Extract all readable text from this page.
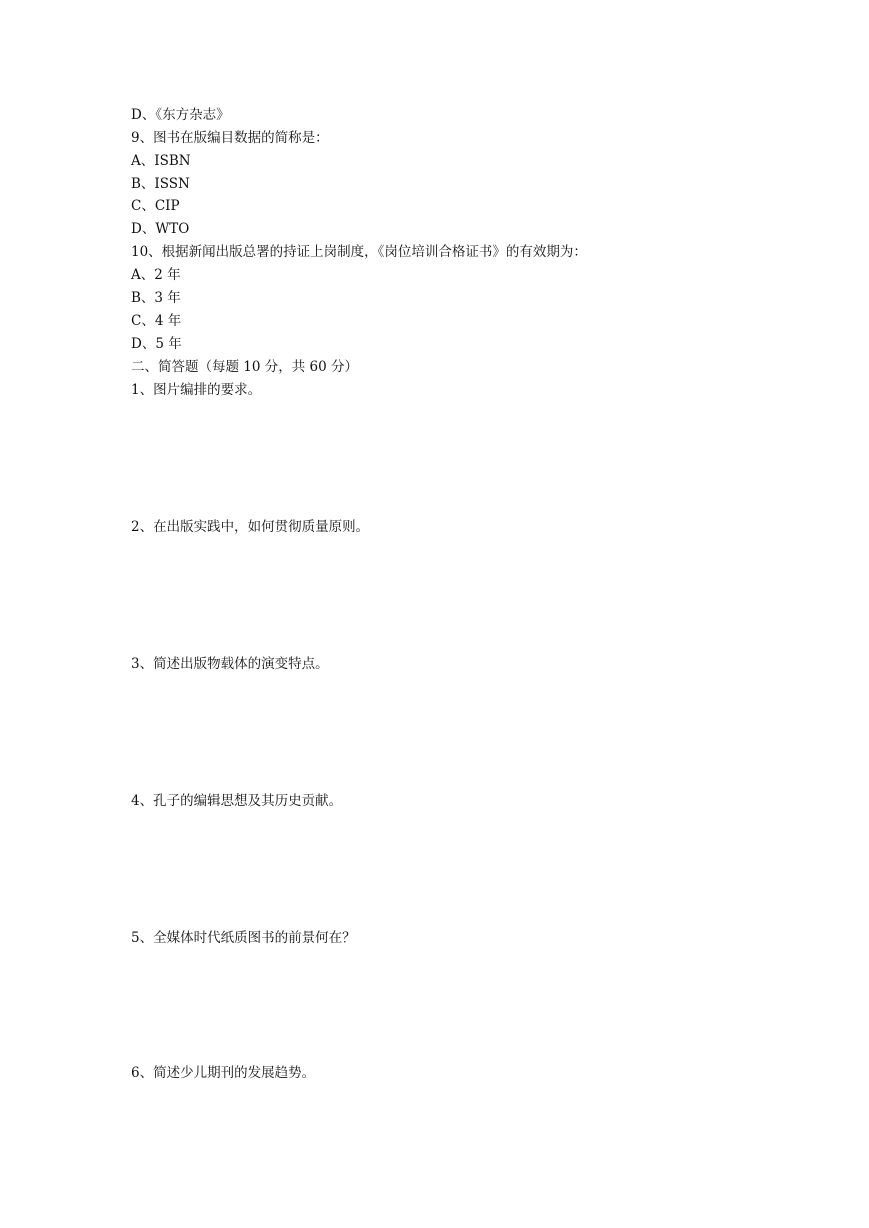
D、《东方杂志》
9、图书在版编目数据的简称是：
A、ISBN
B、ISSN
C、CIP
D、WTO
10、根据新闻出版总署的持证上岗制度，《岗位培训合格证书》的有效期为：
A、2 年
B、3 年
C、4 年
D、5 年
二、简答题（每题 10 分，共 60 分）
1、图片编排的要求。
2、在出版实践中，如何贯彻质量原则。
3、简述出版物载体的演变特点。
4、孔子的编辑思想及其历史贡献。
5、全媒体时代纸质图书的前景何在？
6、简述少儿期刊的发展趋势。
